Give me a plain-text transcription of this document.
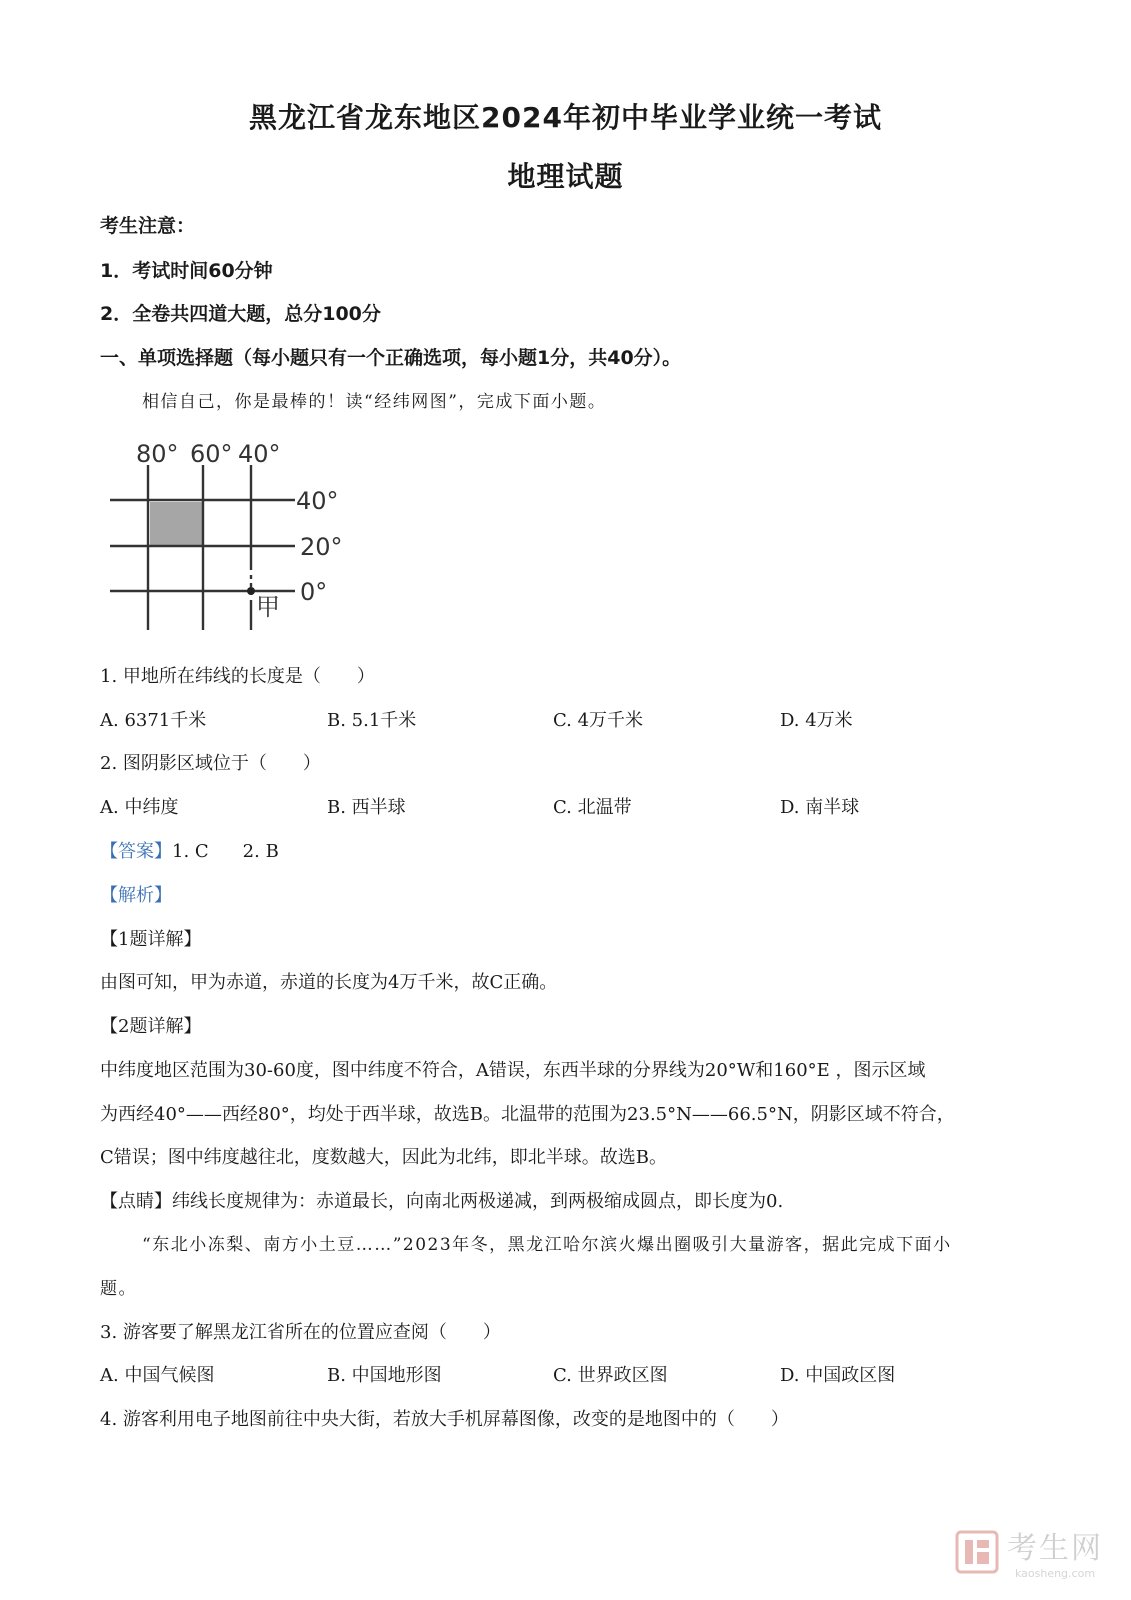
黑龙江省龙东地区2024年初中毕业学业统一考试
地理试题
考生注意：
1．考试时间60分钟
2．全卷共四道大题，总分100分
一、单项选择题（每小题只有一个正确选项，每小题1分，共40分）。
相信自己，你是最棒的！读“经纬网图”，完成下面小题。
80° 60° 40°
40°
20°
0°
甲
1. 甲地所在纬线的长度是（　　）
A. 6371千米	B. 5.1千米	C. 4万千米	D. 4万米
2. 图阴影区域位于（　　）
A. 中纬度	B. 西半球	C. 北温带	D. 南半球
【答案】1. C 2. B
【解析】
【1题详解】
由图可知，甲为赤道，赤道的长度为4万千米，故C正确。
【2题详解】
中纬度地区范围为30-60度，图中纬度不符合，A错误，东西半球的分界线为20°W和160°E ，图示区域
为西经40°——西经80°，均处于西半球，故选B。北温带的范围为23.5°N——66.5°N，阴影区域不符合，
C错误；图中纬度越往北，度数越大，因此为北纬，即北半球。故选B。
【点睛】纬线长度规律为：赤道最长，向南北两极递减，到两极缩成圆点，即长度为0.
“东北小冻梨、南方小土豆……”2023年冬，黑龙江哈尔滨火爆出圈吸引大量游客，据此完成下面小
题。
3. 游客要了解黑龙江省所在的位置应查阅（　　）
A. 中国气候图	B. 中国地形图	C. 世界政区图	D. 中国政区图
4. 游客利用电子地图前往中央大街，若放大手机屏幕图像，改变的是地图中的（　　）
考生网
kaosheng.com
